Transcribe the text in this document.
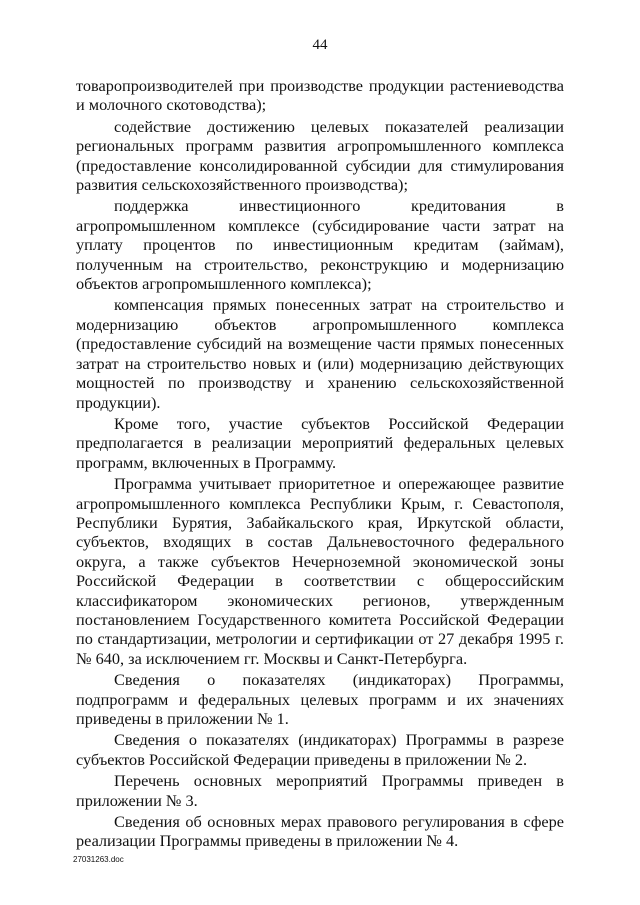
44

товаропроизводителей при производстве продукции растениеводства и молочного скотоводства);

содействие достижению целевых показателей реализации региональных программ развития агропромышленного комплекса (предоставление консолидированной субсидии для стимулирования развития сельскохозяйственного производства);

поддержка инвестиционного кредитования в агропромышленном комплексе (субсидирование части затрат на уплату процентов по инвестиционным кредитам (займам), полученным на строительство, реконструкцию и модернизацию объектов агропромышленного комплекса);

компенсация прямых понесенных затрат на строительство и модернизацию объектов агропромышленного комплекса (предоставление субсидий на возмещение части прямых понесенных затрат на строительство новых и (или) модернизацию действующих мощностей по производству и хранению сельскохозяйственной продукции).

Кроме того, участие субъектов Российской Федерации предполагается в реализации мероприятий федеральных целевых программ, включенных в Программу.

Программа учитывает приоритетное и опережающее развитие агропромышленного комплекса Республики Крым, г. Севастополя, Республики Бурятия, Забайкальского края, Иркутской области, субъектов, входящих в состав Дальневосточного федерального округа, а также субъектов Нечерноземной экономической зоны Российской Федерации в соответствии с общероссийским классификатором экономических регионов, утвержденным постановлением Государственного комитета Российской Федерации по стандартизации, метрологии и сертификации от 27 декабря 1995 г. № 640, за исключением гг. Москвы и Санкт-Петербурга.

Сведения о показателях (индикаторах) Программы, подпрограмм и федеральных целевых программ и их значениях приведены в приложении № 1.

Сведения о показателях (индикаторах) Программы в разрезе субъектов Российской Федерации приведены в приложении № 2.

Перечень основных мероприятий Программы приведен в приложении № 3.

Сведения об основных мерах правового регулирования в сфере реализации Программы приведены в приложении № 4.

27031263.doc
